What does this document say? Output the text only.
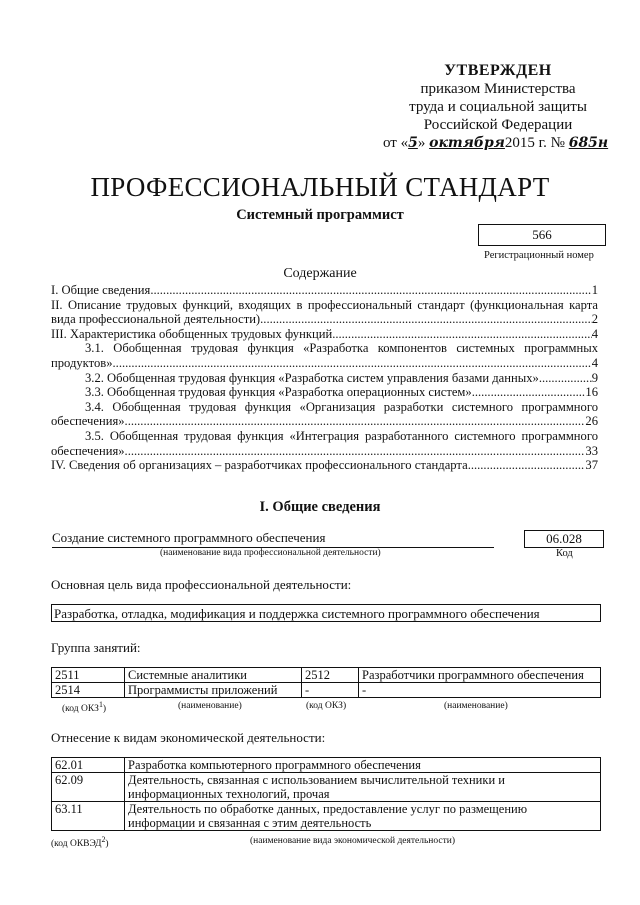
УТВЕРЖДЕН
приказом Министерства
труда и социальной защиты
Российской Федерации
от «5» октября2015 г. № 685н
ПРОФЕССИОНАЛЬНЫЙ СТАНДАРТ
Системный программист
566
Регистрационный номер
Содержание
I. Общие сведения .....	1
II. Описание трудовых функций, входящих в профессиональный стандарт (функциональная карта
вида профессиональной деятельности) .....	2
III. Характеристика обобщенных трудовых функций .....	4
3.1. Обобщенная трудовая функция «Разработка компонентов системных программных
продуктов» .....	4
3.2. Обобщенная трудовая функция «Разработка систем управления базами данных» .....	9
3.3. Обобщенная трудовая функция «Разработка операционных систем» .....	16
3.4. Обобщенная трудовая функция «Организация разработки системного программного
обеспечения» .....	26
3.5. Обобщенная трудовая функция «Интеграция разработанного системного программного
обеспечения» .....	33
IV. Сведения об организациях – разработчиках профессионального стандарта .....	37
I. Общие сведения
Создание системного программного обеспечения
(наименование вида профессиональной деятельности)
06.028
Код
Основная цель вида профессиональной деятельности:
Разработка, отладка, модификация и поддержка системного программного обеспечения
Группа занятий:
2511	Системные аналитики	2512	Разработчики программного обеспечения
2514	Программисты приложений	-	-
(код ОКЗ$^1$)	(наименование)	(код ОКЗ)	(наименование)
Отнесение к видам экономической деятельности:
62.01	Разработка компьютерного программного обеспечения
62.09	Деятельность, связанная с использованием вычислительной техники и информационных технологий, прочая
63.11	Деятельность по обработке данных, предоставление услуг по размещению информации и связанная с этим деятельность
(код ОКВЭД$^2$)	(наименование вида экономической деятельности)
